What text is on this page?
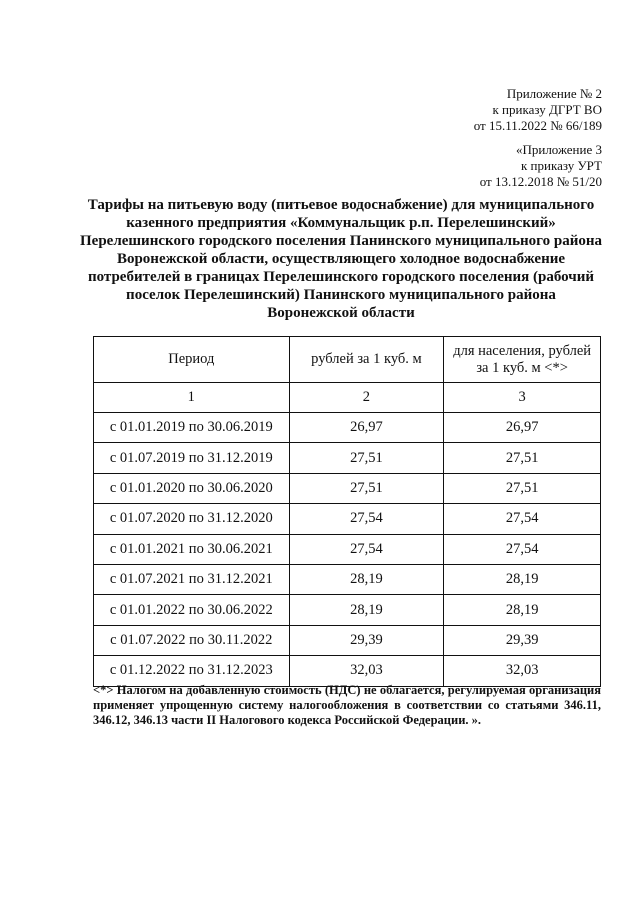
Приложение № 2
к приказу ДГРТ ВО
от 15.11.2022 № 66/189
«Приложение 3
к приказу УРТ
от 13.12.2018 № 51/20
Тарифы на питьевую воду (питьевое водоснабжение) для муниципального
казенного предприятия «Коммунальщик р.п. Перелешинский»
Перелешинского городского поселения Панинского муниципального района
Воронежской области, осуществляющего холодное водоснабжение
потребителей в границах Перелешинского городского поселения (рабочий
поселок Перелешинский) Панинского муниципального района
Воронежской области
Период	рублей за 1 куб. м	для населения, рублей за 1 куб. м <*>
1	2	3
с 01.01.2019 по 30.06.2019	26,97	26,97
с 01.07.2019 по 31.12.2019	27,51	27,51
с 01.01.2020 по 30.06.2020	27,51	27,51
с 01.07.2020 по 31.12.2020	27,54	27,54
с 01.01.2021 по 30.06.2021	27,54	27,54
с 01.07.2021 по 31.12.2021	28,19	28,19
с 01.01.2022 по 30.06.2022	28,19	28,19
с 01.07.2022 по 30.11.2022	29,39	29,39
с 01.12.2022 по 31.12.2023	32,03	32,03
<*> Налогом на добавленную стоимость (НДС) не облагается, регулируемая организация применяет упрощенную систему налогообложения в соответствии со статьями 346.11, 346.12, 346.13 части II Налогового кодекса Российской Федерации. ».
